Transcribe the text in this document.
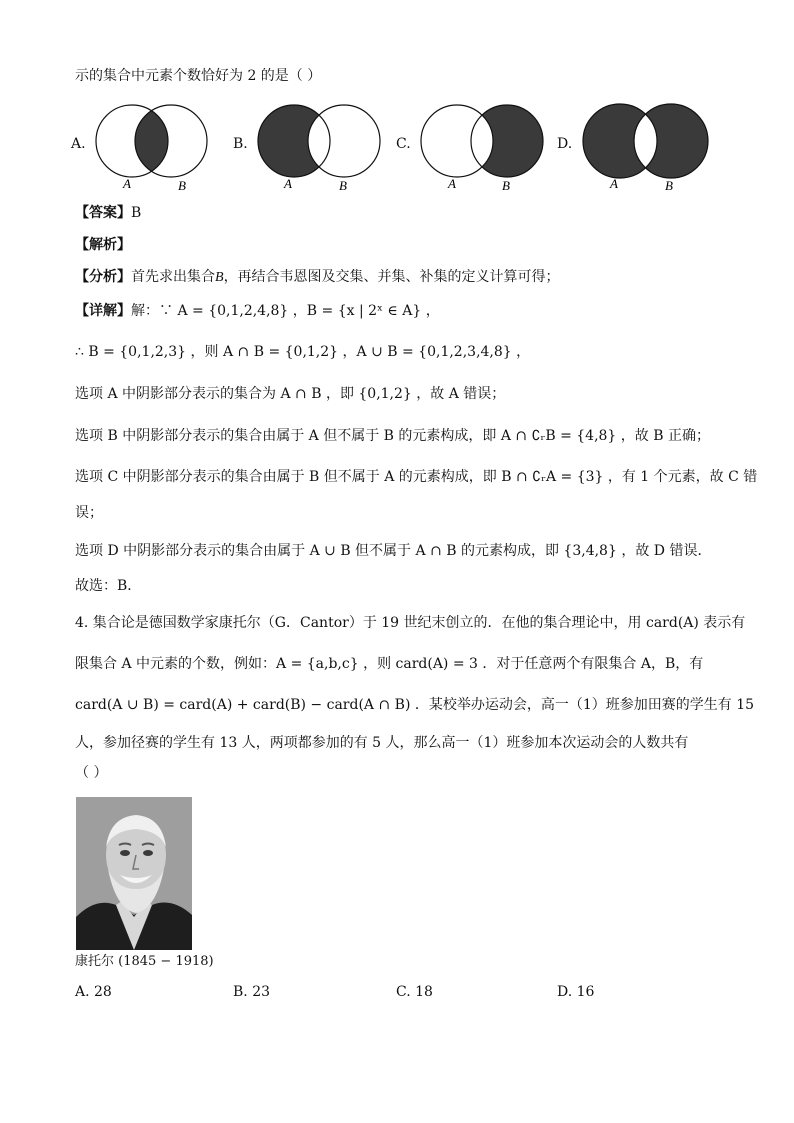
示的集合中元素个数恰好为 2 的是（ ）
A.
A	B
B.
A	B
C.
A	B
D.
A	B
【答案】B
【解析】
【分析】首先求出集合B，再结合韦恩图及交集、并集、补集的定义计算可得；
【详解】解：∵ A = {0,1,2,4,8} ，B = {x | 2ˣ ∈ A} ，
∴ B = {0,1,2,3} ，则 A ∩ B = {0,1,2} ，A ∪ B = {0,1,2,3,4,8} ，
选项 A 中阴影部分表示的集合为 A ∩ B ，即 {0,1,2} ，故 A 错误；
选项 B 中阴影部分表示的集合由属于 A 但不属于 B 的元素构成，即 A ∩ ∁ᵣB = {4,8} ，故 B 正确；
选项 C 中阴影部分表示的集合由属于 B 但不属于 A 的元素构成，即 B ∩ ∁ᵣA = {3} ，有 1 个元素，故 C 错
误；
选项 D 中阴影部分表示的集合由属于 A ∪ B 但不属于 A ∩ B 的元素构成，即 {3,4,8} ，故 D 错误．
故选：B．
4. 集合论是德国数学家康托尔（G．Cantor）于 19 世纪末创立的．在他的集合理论中，用 card(A) 表示有
限集合 A 中元素的个数，例如：A = {a,b,c} ，则 card(A) = 3 ．对于任意两个有限集合 A，B，有
card(A ∪ B) = card(A) + card(B) − card(A ∩ B) ．某校举办运动会，高一（1）班参加田赛的学生有 15
人，参加径赛的学生有 13 人，两项都参加的有 5 人，那么高一（1）班参加本次运动会的人数共有
（ ）
康托尔 (1845 − 1918)
A. 28	B. 23	C. 18	D. 16
